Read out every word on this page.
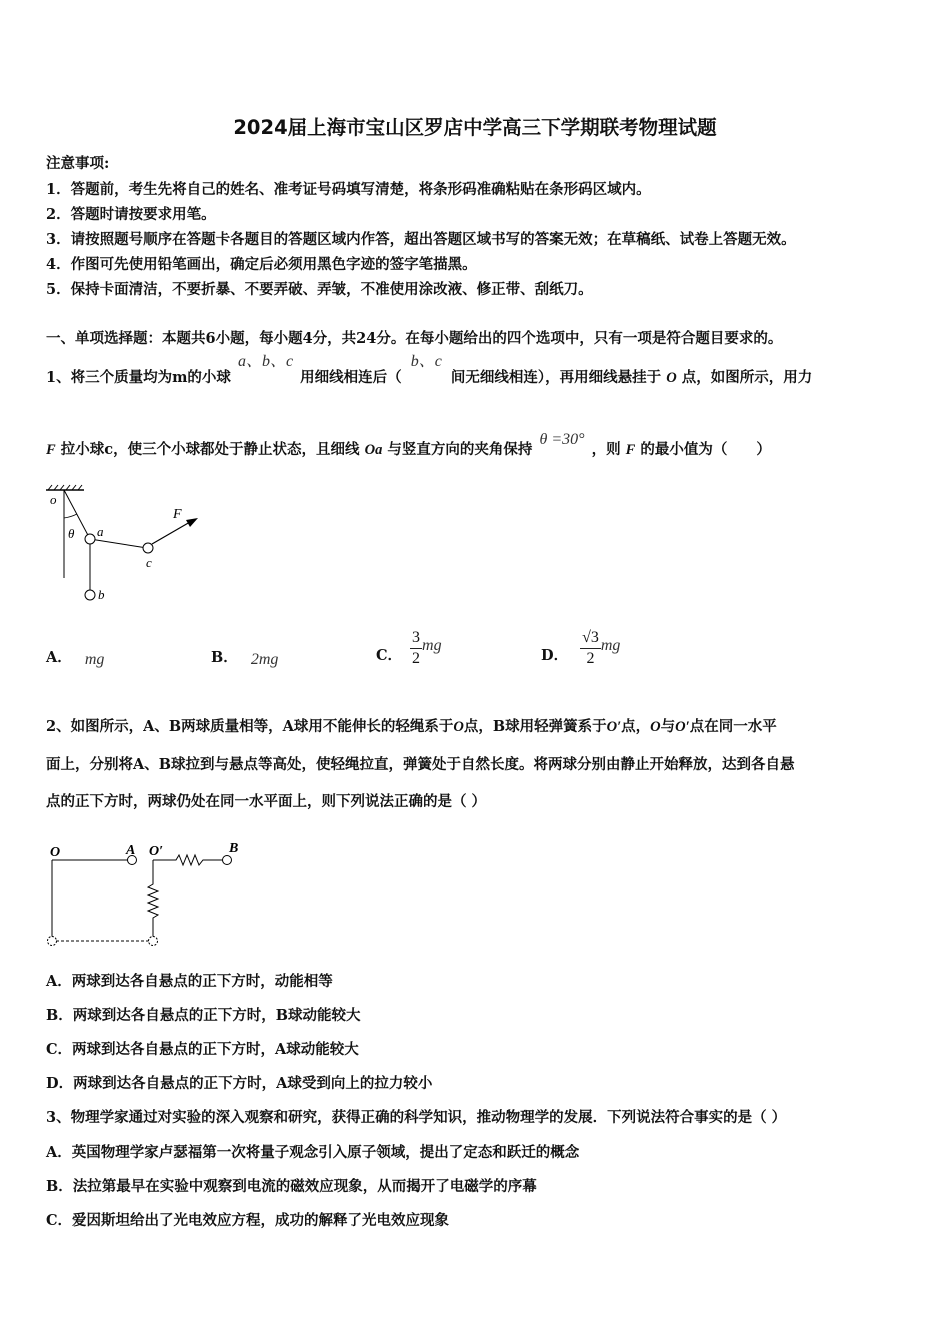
2024届上海市宝山区罗店中学高三下学期联考物理试题
注意事项:
1．答题前，考生先将自己的姓名、准考证号码填写清楚，将条形码准确粘贴在条形码区域内。
2．答题时请按要求用笔。
3．请按照题号顺序在答题卡各题目的答题区域内作答，超出答题区域书写的答案无效；在草稿纸、试卷上答题无效。
4．作图可先使用铅笔画出，确定后必须用黑色字迹的签字笔描黑。
5．保持卡面清洁，不要折暴、不要弄破、弄皱，不准使用涂改液、修正带、刮纸刀。
一、单项选择题：本题共6小题，每小题4分，共24分。在每小题给出的四个选项中，只有一项是符合题目要求的。
1、将三个质量均为m的小球 a、b、c 用细线相连后（ b、c 间无细线相连），再用细线悬挂于 O 点，如图所示，用力
F 拉小球c，使三个小球都处于静止状态，且细线 Oa 与竖直方向的夹角保持 θ =30° ，则 F 的最小值为（　　）
o
θ a
b
c
F
A． mg	B． 2mg	C． $\frac{3}{2}$ mg
D． $\frac{√3}{2}$ mg
2、如图所示，A、B两球质量相等，A球用不能伸长的轻绳系于O点，B球用轻弹簧系于O′点，O与O′点在同一水平
面上，分别将A、B球拉到与悬点等高处，使轻绳拉直，弹簧处于自然长度。将两球分别由静止开始释放，达到各自悬
点的正下方时，两球仍处在同一水平面上，则下列说法正确的是（ ）
O	A O′	B
A．两球到达各自悬点的正下方时，动能相等
B．两球到达各自悬点的正下方时，B球动能较大
C．两球到达各自悬点的正下方时，A球动能较大
D．两球到达各自悬点的正下方时，A球受到向上的拉力较小
3、物理学家通过对实验的深入观察和研究，获得正确的科学知识，推动物理学的发展．下列说法符合事实的是（ ）
A．英国物理学家卢瑟福第一次将量子观念引入原子领域，提出了定态和跃迁的概念
B．法拉第最早在实验中观察到电流的磁效应现象，从而揭开了电磁学的序幕
C．爱因斯坦给出了光电效应方程，成功的解释了光电效应现象
